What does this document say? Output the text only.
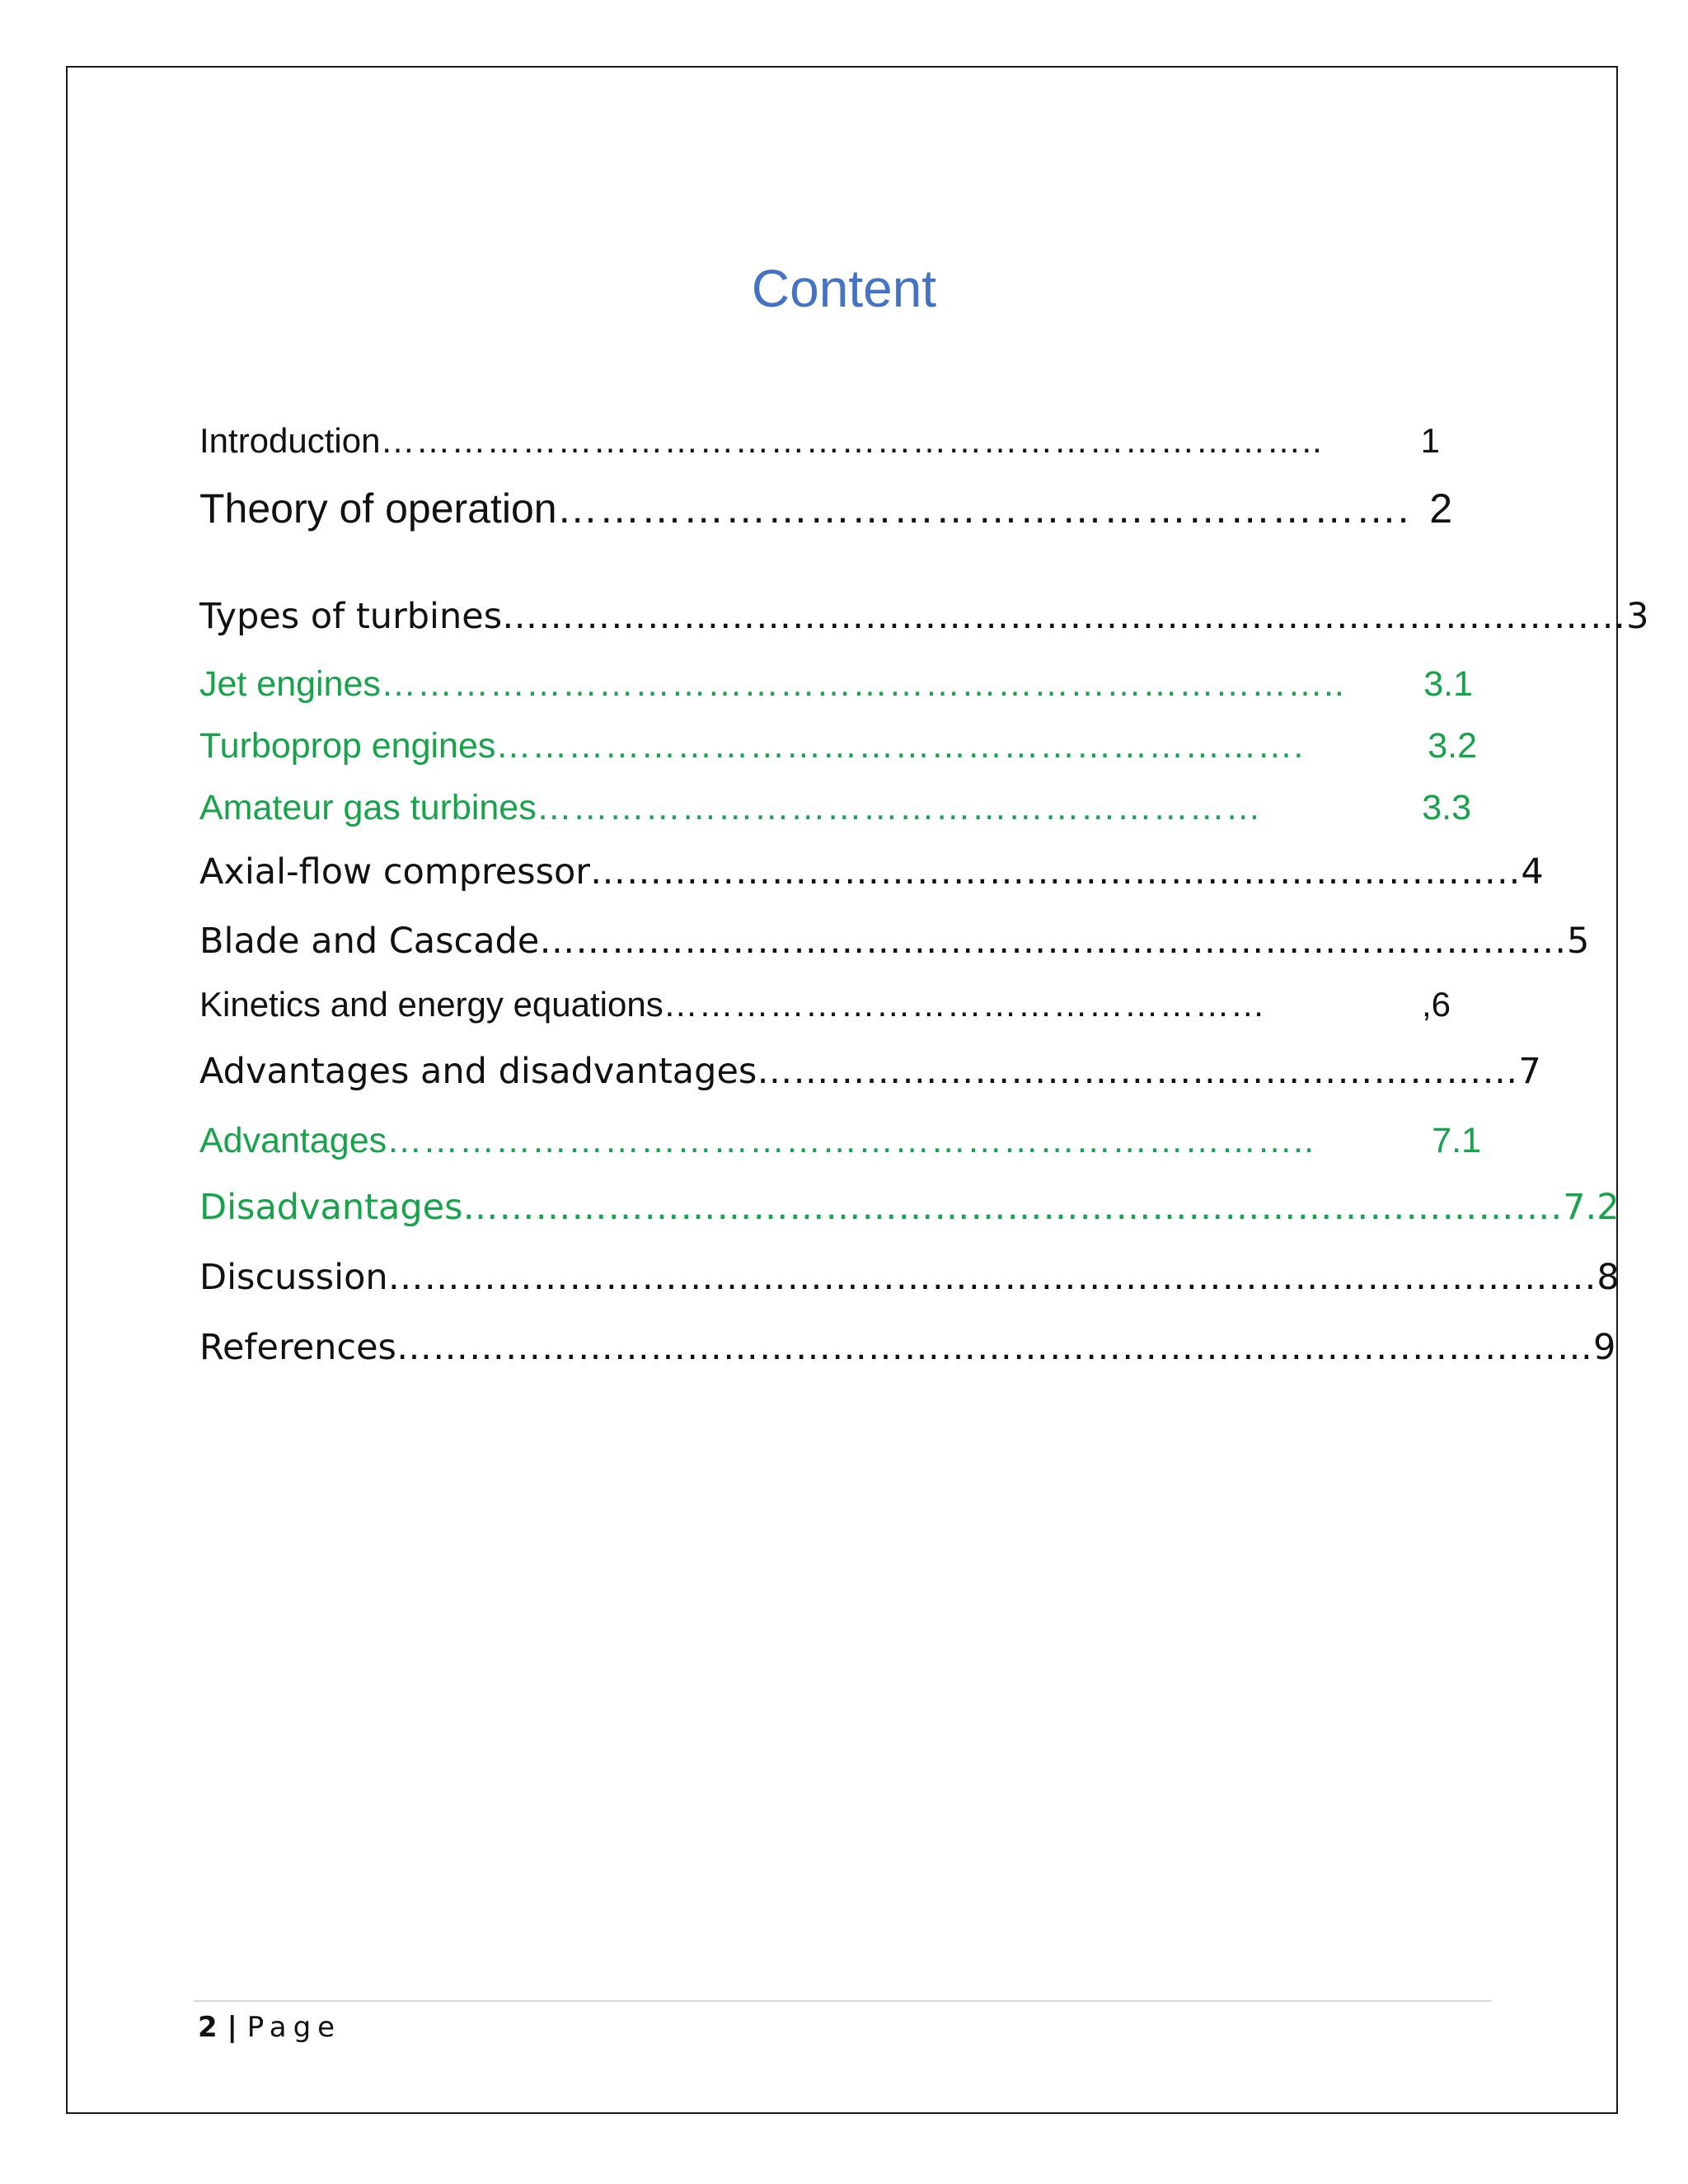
Content
Introduction ……………………………………………………………………..	1
Theory of operation ……………………………………………………. 2
Types of turbines ………………………………………………………………………………… 3
Jet engines ……………………………………………………………………..	3.1
Turboprop engines ………………………………………………………….	3.2
Amateur gas turbines ……………………………………………………	3.3
Axial-flow compressor ………………………………………………………………….. 4
Blade and Cascade …………………………………………………………………………. 5
Kinetics and energy equations ……………………………………………	,6
Advantages and disadvantages ……………………………………………………… 7
Advantages …………………………………………………………………..	7.1
Disadvantages ………………………………………………………………………………. 7.2
Discussion ………………………………………………………………………………………. 8
References ……………………………………………………………………………………… 9
2 | Page
